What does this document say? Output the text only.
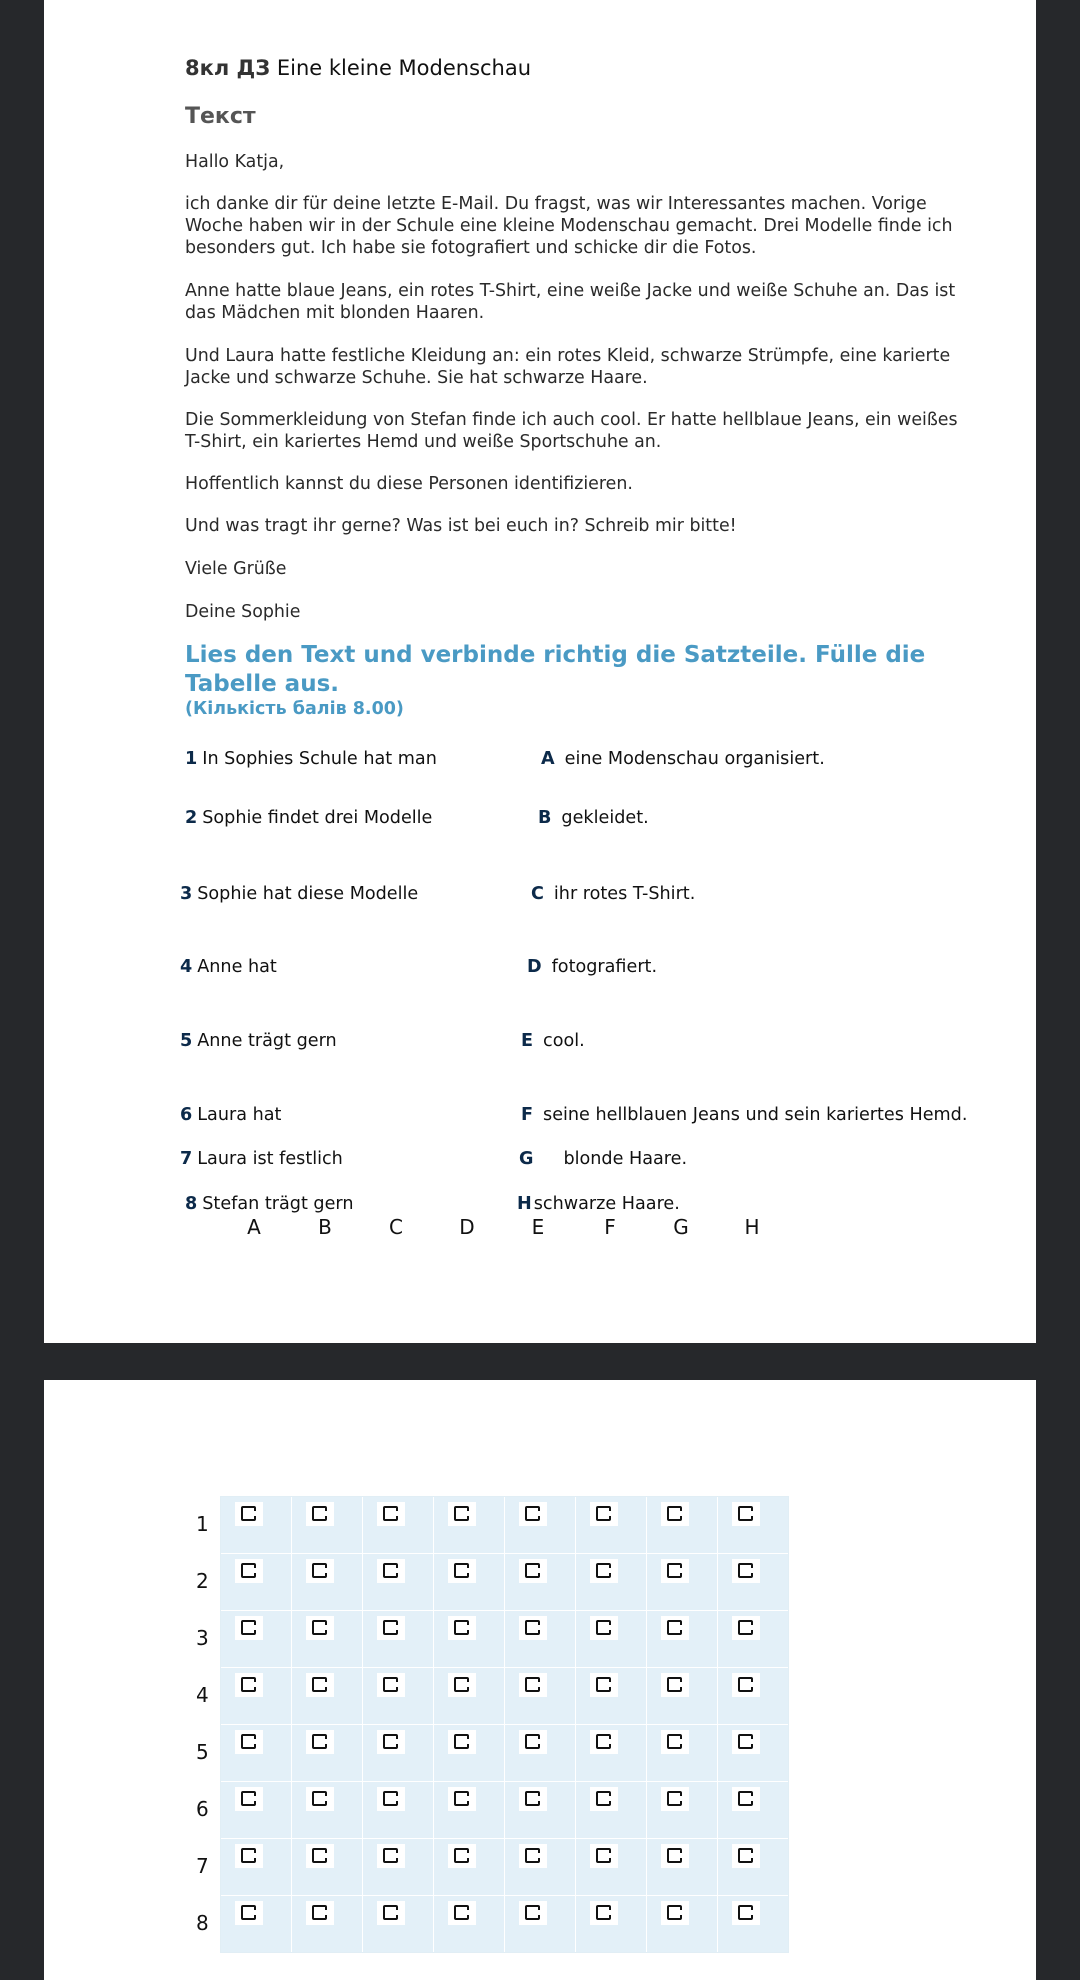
8кл ДЗ Eine kleine Modenschau
Текст
Hallo Katja,
ich danke dir für deine letzte E-Mail. Du fragst, was wir Interessantes machen. Vorige Woche haben wir in der Schule eine kleine Modenschau gemacht. Drei Modelle finde ich besonders gut. Ich habe sie fotografiert und schicke dir die Fotos.
Anne hatte blaue Jeans, ein rotes T-Shirt, eine weiße Jacke und weiße Schuhe an. Das ist das Mädchen mit blonden Haaren.
Und Laura hatte festliche Kleidung an: ein rotes Kleid, schwarze Strümpfe, eine karierte Jacke und schwarze Schuhe. Sie hat schwarze Haare.
Die Sommerkleidung von Stefan finde ich auch cool. Er hatte hellblaue Jeans, ein weißes T-Shirt, ein kariertes Hemd und weiße Sportschuhe an.
Hoffentlich kannst du diese Personen identifizieren.
Und was tragt ihr gerne? Was ist bei euch in? Schreib mir bitte!
Viele Grüße
Deine Sophie
Lies den Text und verbinde richtig die Satzteile. Fülle die Tabelle aus.
(Кількість балів 8.00)
1 In Sophies Schule hat man
2 Sophie findet drei Modelle
3 Sophie hat diese Modelle
4 Anne hat
5 Anne trägt gern
6 Laura hat
7 Laura ist festlich
8 Stefan trägt gern
A eine Modenschau organisiert.
B gekleidet.
C ihr rotes T-Shirt.
D fotografiert.
E cool.
F seine hellblauen Jeans und sein kariertes Hemd.
G blonde Haare.
H schwarze Haare.
A	B	C	D	E	F	G	H
1
2
3
4
5
6
7
8
